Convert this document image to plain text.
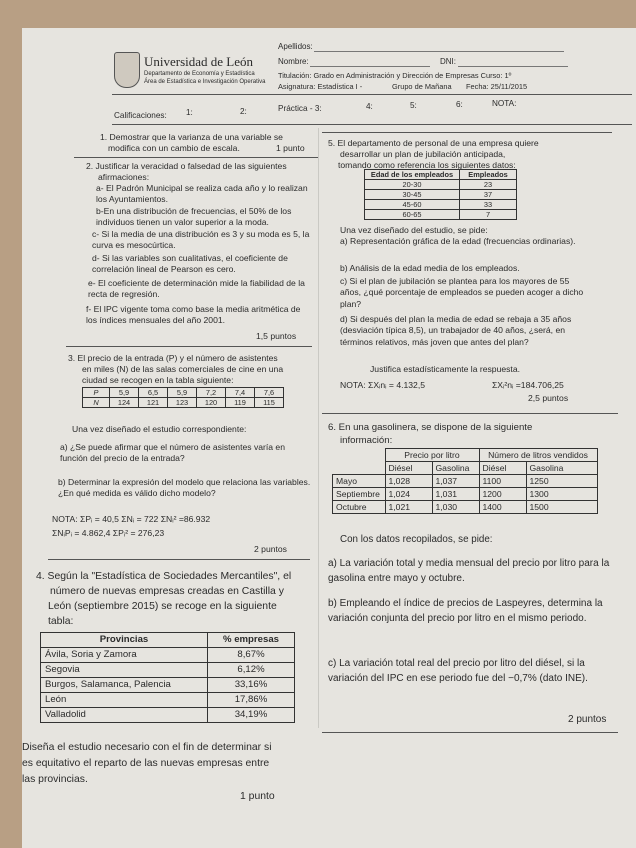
Universidad de León
Departamento de Economía y Estadística
Área de Estadística e Investigación Operativa
Apellidos:
Nombre:	DNI:
Titulación: Grado en Administración y Dirección de Empresas Curso: 1º
Asignatura: Estadística I -	Grupo de Mañana Fecha: 25/11/2015
Calificaciones: 1:	2:	Práctica - 3:	4:	5:	6:	NOTA:
1. Demostrar que la varianza de una variable se
modifica con un cambio de escala.	1 punto
2. Justificar la veracidad o falsedad de las siguientes
afirmaciones:
a- El Padrón Municipal se realiza cada año y lo realizan los Ayuntamientos.
b-En una distribución de frecuencias, el 50% de los individuos tienen un valor superior a la moda.
c- Si la media de una distribución es 3 y su moda es 5, la curva es mesocúrtica.
d- Si las variables son cualitativas, el coeficiente de correlación lineal de Pearson es cero.
e- El coeficiente de determinación mide la fiabilidad de la recta de regresión.
f- El IPC vigente toma como base la media aritmética de los índices mensuales del año 2001.
1,5 puntos
3. El precio de la entrada (P) y el número de asistentes
en miles (N) de las salas comerciales de cine en una
ciudad se recogen en la tabla siguiente:
P	5,9	6,5	5,9	7,2	7,4	7,6
N	124	121	123	120	119	115
Una vez diseñado el estudio correspondiente:
a) ¿Se puede afirmar que el número de asistentes varía en función del precio de la entrada?
b) Determinar la expresión del modelo que relaciona las variables. ¿En qué medida es válido dicho modelo?
NOTA: ΣPᵢ = 40,5 ΣNᵢ = 722 ΣNᵢ² =86.932
ΣNᵢPᵢ = 4.862,4 ΣPᵢ² = 276,23
2 puntos
4. Según la "Estadística de Sociedades Mercantiles", el
número de nuevas empresas creadas en Castilla y
León (septiembre 2015) se recoge en la siguiente
tabla:
Provincias	% empresas
Ávila, Soria y Zamora	8,67%
Segovia	6,12%
Burgos, Salamanca, Palencia	33,16%
León	17,86%
Valladolid	34,19%
Diseña el estudio necesario con el fin de determinar si es equitativo el reparto de las nuevas empresas entre las provincias.
1 punto
5. El departamento de personal de una empresa quiere
desarrollar un plan de jubilación anticipada,
tomando como referencia los siguientes datos:
Edad de los empleados	Empleados
20-30	23
30-45	37
45-60	33
60-65	7
Una vez diseñado del estudio, se pide:
a) Representación gráfica de la edad (frecuencias ordinarias).
b) Análisis de la edad media de los empleados.
c) Si el plan de jubilación se plantea para los mayores de 55 años, ¿qué porcentaje de empleados se pueden acoger a dicho plan?
d) Si después del plan la media de edad se rebaja a 35 años (desviación típica 8,5), un trabajador de 40 años, ¿será, en términos relativos, más joven que antes del plan?
Justifica estadísticamente la respuesta.
NOTA: ΣXᵢnᵢ = 4.132,5	ΣXᵢ²nᵢ =184.706,25
2,5 puntos
6. En una gasolinera, se dispone de la siguiente
información:
	Precio por litro		Número de litros vendidos	
	Diésel	Gasolina	Diésel	Gasolina
Mayo	1,028	1,037	1100	1250
Septiembre	1,024	1,031	1200	1300
Octubre	1,021	1,030	1400	1500
Con los datos recopilados, se pide:
a) La variación total y media mensual del precio por litro para la gasolina entre mayo y octubre.
b) Empleando el índice de precios de Laspeyres, determina la variación conjunta del precio por litro en el mismo periodo.
c) La variación total real del precio por litro del diésel, si la variación del IPC en ese periodo fue del −0,7% (dato INE).
2 puntos
